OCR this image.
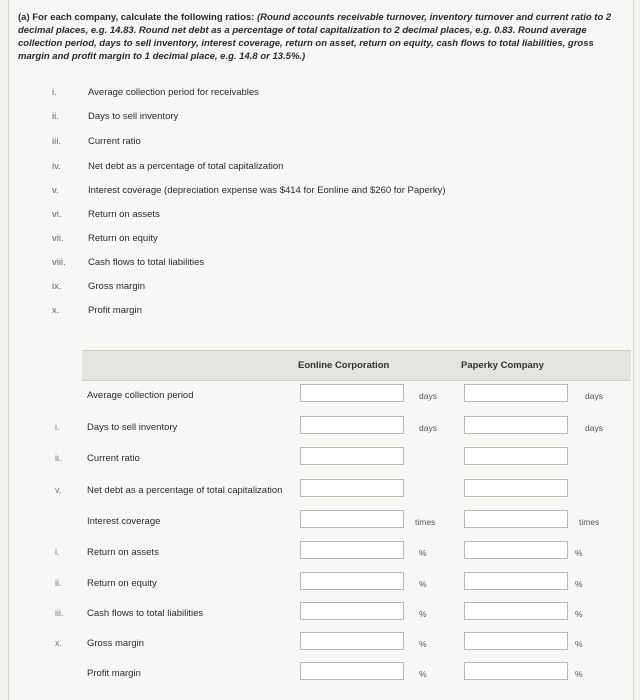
(a) For each company, calculate the following ratios: (Round accounts receivable turnover, inventory turnover and current ratio to 2 decimal places, e.g. 14.83. Round net debt as a percentage of total capitalization to 2 decimal places, e.g. 0.83. Round average collection period, days to sell inventory, interest coverage, return on asset, return on equity, cash flows to total liabilities, gross margin and profit margin to 1 decimal place, e.g. 14.8 or 13.5%.)
i.	Average collection period for receivables
ii.	Days to sell inventory
iii.	Current ratio
iv.	Net debt as a percentage of total capitalization
v.	Interest coverage (depreciation expense was $414 for Eonline and $260 for Paperky)
vi.	Return on assets
vii.	Return on equity
viii.	Cash flows to total liabilities
ix.	Gross margin
x.	Profit margin
Eonline Corporation	Paperky Company
Average collection period	days	days
i.	Days to sell inventory	days	days
ii.	Current ratio
v.	Net debt as a percentage of total capitalization
Interest coverage	times	times
i.	Return on assets	%	%
ii.	Return on equity	%	%
iii. Cash flows to total liabilities	%	%
x.	Gross margin	%	%
Profit margin	%	%
